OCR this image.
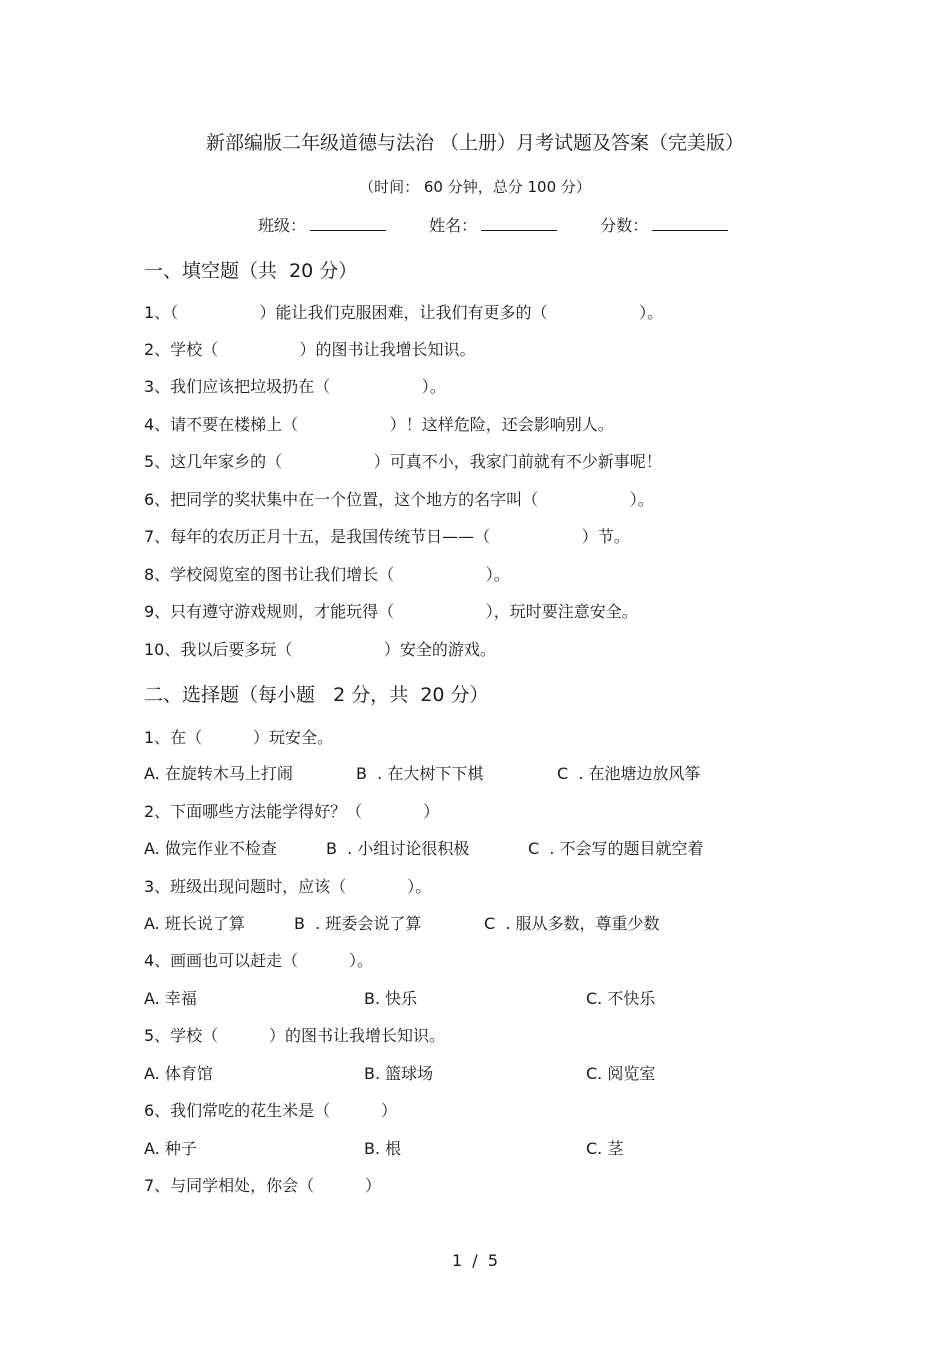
新部编版二年级道德与法治 （上册）月考试题及答案（完美版）
（时间： 60 分钟，总分 100 分）
班级：	姓名：	分数：
一、填空题（共  20 分）
1、（                ）能让我们克服困难，让我们有更多的（                  ）。
2、学校（                ）的图书让我增长知识。
3、我们应该把垃圾扔在（                  ）。
4、请不要在楼梯上（                  ）！这样危险，还会影响别人。
5、这几年家乡的（                  ）可真不小，我家门前就有不少新事呢！
6、把同学的奖状集中在一个位置，这个地方的名字叫（                  ）。
7、每年的农历正月十五，是我国传统节日——（                  ）节。
8、学校阅览室的图书让我们增长（                  ）。
9、只有遵守游戏规则，才能玩得（                  ），玩时要注意安全。
10、我以后要多玩（                  ）安全的游戏。
二、选择题（每小题   2 分，共  20 分）
1、在（          ）玩安全。
A. 在旋转木马上打闹	B  . 在大树下下棋	C  . 在池塘边放风筝
2、下面哪些方法能学得好？（            ）
A. 做完作业不检查	B  . 小组讨论很积极	C  . 不会写的题目就空着
3、班级出现问题时，应该（            ）。
A. 班长说了算	B  . 班委会说了算	C  . 服从多数，尊重少数
4、画画也可以赶走（          ）。
A. 幸福	B. 快乐	C. 不快乐
5、学校（          ）的图书让我增长知识。
A. 体育馆	B. 篮球场	C. 阅览室
6、我们常吃的花生米是（          ）
A. 种子	B. 根	C. 茎
7、与同学相处，你会（          ）
1  /  5
